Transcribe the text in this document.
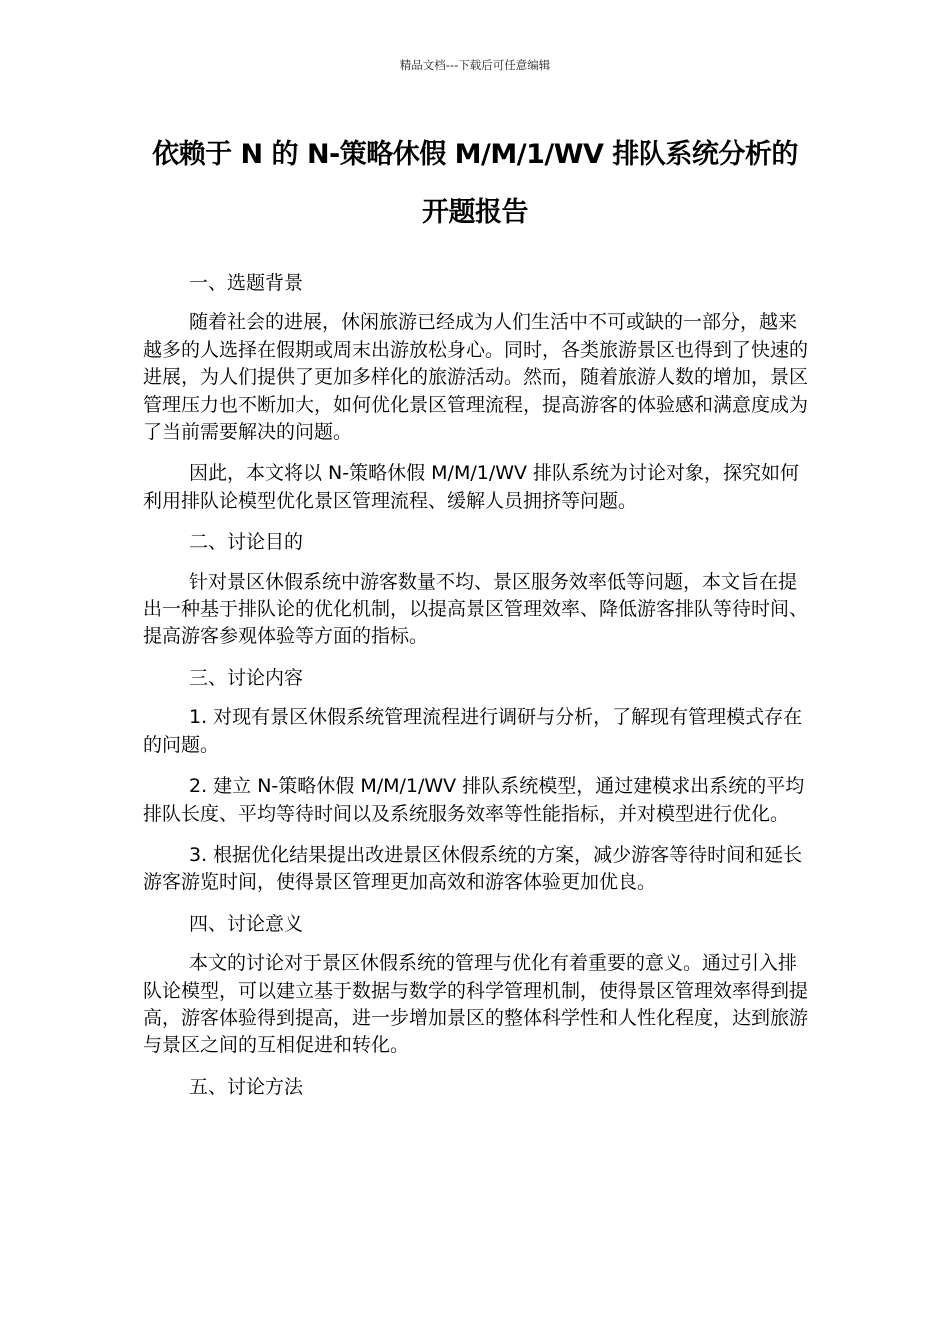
精品文档---下载后可任意编辑
依赖于 N 的 N-策略休假 M/M/1/WV 排队系统分析的
开题报告

一、选题背景

随着社会的进展，休闲旅游已经成为人们生活中不可或缺的一部分，越来越多的人选择在假期或周末出游放松身心。同时，各类旅游景区也得到了快速的进展，为人们提供了更加多样化的旅游活动。然而，随着旅游人数的增加，景区管理压力也不断加大，如何优化景区管理流程，提高游客的体验感和满意度成为了当前需要解决的问题。

因此，本文将以 N-策略休假 M/M/1/WV 排队系统为讨论对象，探究如何利用排队论模型优化景区管理流程、缓解人员拥挤等问题。

二、讨论目的

针对景区休假系统中游客数量不均、景区服务效率低等问题，本文旨在提出一种基于排队论的优化机制，以提高景区管理效率、降低游客排队等待时间、提高游客参观体验等方面的指标。

三、讨论内容

1. 对现有景区休假系统管理流程进行调研与分析，了解现有管理模式存在的问题。

2. 建立 N-策略休假 M/M/1/WV 排队系统模型，通过建模求出系统的平均排队长度、平均等待时间以及系统服务效率等性能指标，并对模型进行优化。

3. 根据优化结果提出改进景区休假系统的方案，减少游客等待时间和延长游客游览时间，使得景区管理更加高效和游客体验更加优良。

四、讨论意义

本文的讨论对于景区休假系统的管理与优化有着重要的意义。通过引入排队论模型，可以建立基于数据与数学的科学管理机制，使得景区管理效率得到提高，游客体验得到提高，进一步增加景区的整体科学性和人性化程度，达到旅游与景区之间的互相促进和转化。

五、讨论方法
